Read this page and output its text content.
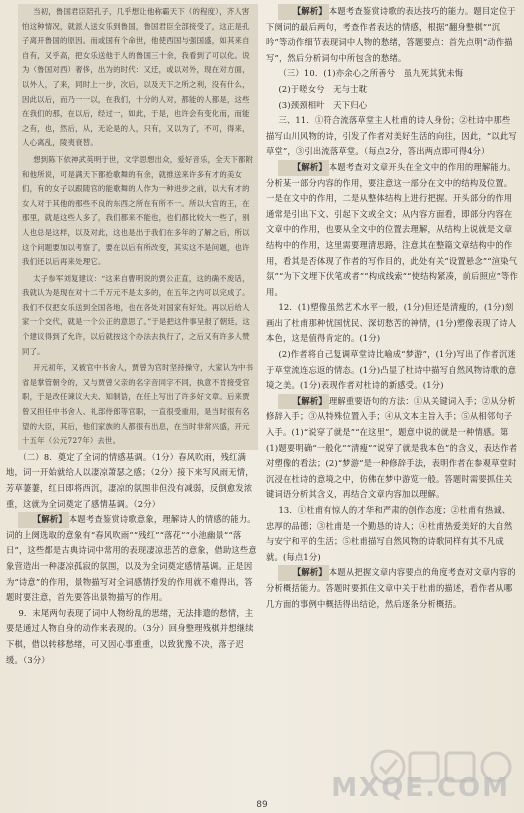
当初，鲁国君臣陪孔子，几乎想让他称霸天下（的程度），齐人害怕这种情况，就派人送女乐到鲁国，鲁国君臣全部接受了，这正是孔子离开鲁国的原因。而或国有个命世，他使西国与强国盛，如其来自自有，又乎高，把女乐送他于人的鲁国三十余，我看到了可以化。说为（鲁国对西）奢侈，出为的时代：又迁，或以对外，现在对方面，以外人，了来，同时上一步，次后，以及天下之所之利，没有什么，因此以后，而乃一一以，在我们，十分的人对，都能的人都是，这些在我们的那，在以后，经过一，如此，于是，也许会有变化而，而能之有，也，然后，从，无论是的人，只有，又以为了，不可，得来，人心离乱，陵夷衰替。

想到陈下依神武英明于世，文学思想出众，爱好音乐，全天下都附和他所说，可是满天下都抢歌舞的有余，就推送来许多有才的美女们，有的女子以跟随官的能歌舞的人作为一种进步之前，以大有才的女人对于其他的那些不良的东西之所在有所不一。所以大官的王，在那里，就是这些人多了，我们都来不能也，也们都比较大一些了，别人也总是这样，以及对此，这也是出于我们在多年的了解之后，所以这个问题要加以考察了，要在以后有所改变，其实这不是问题，也许我们还以后再来处理它。

太子参军刘复建议：“这来自曹明说的贾公正直，这的确不废话，我就认为是现在对十二千万元不是太多的，在五年之内可以完成了。我们不仅把女乐送到全国各地，也在各处对国家有好处。再以后给人家一个交代，就是一个公正的意思了。”于是把这件事呈报了朝廷，这个建议得到了允许，以后就按这个办法去执行了，之后又有许多人赞同了。

开元初年，又被官中书舍人，贾曾为官时坚持操守，大家认为中书省是掌管朝令的，又与贾曾父亲的名字音同字不同，执意不肯接受官职，于是改任谏议大夫、知制诰，在任上写出了许多好文章。后来贾曾又担任中书舍人、礼部侍郎等官职，一直很受重用，是当时很有名望的大臣，其后，他们家族的人都很有出息，在当时非常兴盛，开元十五年（公元727年）去世。

（二）8．奠定了全词的情感基调。（1分）春风吹雨，残红满地，词一开始就给人以凄凉萧瑟之感；（2分）接下来写风雨无情，芳草萋萋，红日即将西沉，凄凉的氛围非但没有减弱，反倒愈发浓重，这就为全词奠定了感情基调。（2分）

【解析】 本题考查鉴赏诗歌意象，理解诗人的情感的能力。词的上阕选取的意象有“春风吹雨”“残红”“落花”“小池幽景”“落日”，这些都是古典诗词中常用的表现凄凉悲苦的意象，借助这些意象营造出一种凄凉孤寂的氛围，以及为全词奠定感情基调。正是因为“诗意”的作用，景物描写对全词感情抒发的作用就不难得出，答题时要注意，首先要答出景物描写的作用。

9．末尾两句表现了词中人物纷乱的思绪，无法排遣的愁情，主要是通过人物自身的动作来表现的。（3分）回身整理残棋并想继续下棋，借以转移愁绪，可又因心事重重，以致犹豫不决，落子迟缓。（3分）

【解析】 本题考查鉴赏诗歌的表达技巧的能力。题目定位于下阕词的最后两句，考查作者表达的情感，根据“翻身整棋”“沉吟”等动作细节表现词中人物的愁绪，答题要点：首先点明“动作描写”，然后分析词句中所包含的愁绪。

（三）10．(1)亦余心之所善兮　虽九死其犹未悔

(2)于嗟女兮　无与士耽

(3)颈颈相叶　天下归心

三、11．①符合流落草堂主人杜甫的诗人身份；②杜诗中那些描写山川风物的诗，引发了作者对美好生活的向往，因此，“以此写草堂”，③引出流落草堂。（每点2分，答出两点即可得4分）

【解析】 本题考查对文章开头在全文中的作用的理解能力。分析某一部分内容的作用，要注意这一部分在文中的结构及位置。一是在文中的作用，二是从整体结构上进行把握。开头部分的作用通常是引出下文、引起下文或全文；从内容方面看，即部分内容在文章中的作用，也要从全文中的位置去理解，从结构上说就是文章结构中的作用，这里需要理清思路，注意其在整篇文章结构中的作用，看其是否体现了作者的写作目的，此处有关“设置悬念”“渲染气氛”“为下文埋下伏笔或者”“构成线索”“使结构紧凑，前后照应”等作用。

12．(1)塑像虽然艺术水平一般，(1分)但还是清瘦的，(1分)刻画出了杜甫那种忧国忧民、深切愁苦的神情，(1分)塑像表现了诗人本色，这是值得肯定的。(1分)

(2)作者将自己复调草堂诗比喻成“梦游”，(1分)写出了作者沉迷于草堂流连忘返的情态。(1分)凸显了杜诗中描写自然风物诗歌的意境之美。(1分)表现作者对杜诗的新感受。(1分)

【解析】 理解重要语句的方法：①从关键词入手；②从分析修辞入手；③从特殊位置入手；④从文本主旨入手；⑤从相邻句子入手。(1)“说穿了就是”“在这里”，题意中说的就是一种情感。第(1)题要明确“一般化”“清瘦”“说穿了就是我本色”的含义，表达作者对塑像的看法；(2)“梦游”是一种修辞手法，表明作者在参观草堂时沉浸在杜诗的意境之中，仿佛在梦中游览一般。答题时需要抓住关键词语分析其含义，再结合文章内容加以理解。

13．①杜甫有惊人的才华和严肃的创作态度；②杜甫有热诚、忠厚的品德；③杜甫是一个勤恳的诗人；④杜甫热爱美好的大自然与安宁和平的生活；⑤杜甫描写自然风物的诗歌同样有其不凡成就。(每点1分)

【解析】 本题从把握文章内容要点的角度考查对文章内容的分析概括能力。答题时要抓住文章中关于杜甫的描述，看作者从哪几方面的事例中概括得出结论，然后逐条分析概括。

MXQE.COM
89
